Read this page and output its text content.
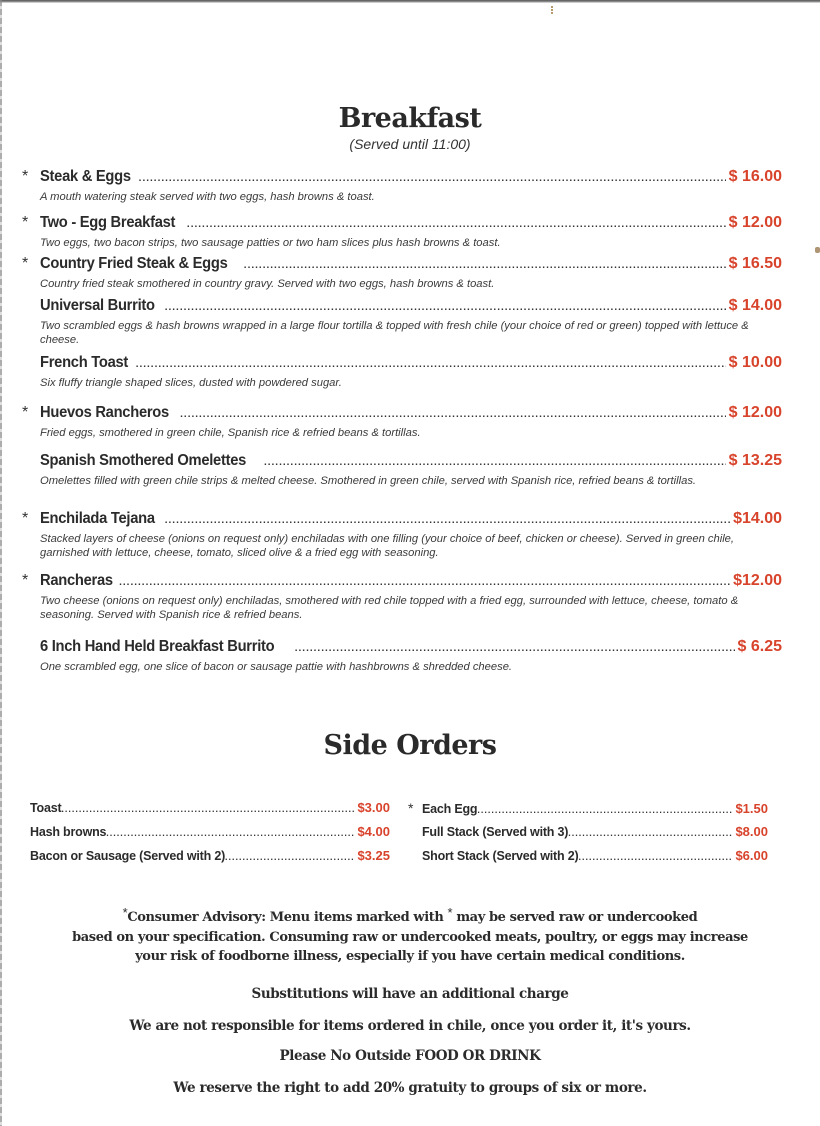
Breakfast
(Served until 11:00)
* Steak & Eggs .....	$ 16.00
A mouth watering steak served with two eggs, hash browns & toast.
* Two - Egg Breakfast .....	$ 12.00
Two eggs, two bacon strips, two sausage patties or two ham slices plus hash browns & toast.
* Country Fried Steak & Eggs .....	$ 16.50
Country fried steak smothered in country gravy. Served with two eggs, hash browns & toast.
Universal Burrito .....	$ 14.00
Two scrambled eggs & hash browns wrapped in a large flour tortilla & topped with fresh chile (your choice of red or green) topped with lettuce & cheese.
French Toast .....	$ 10.00
Six fluffy triangle shaped slices, dusted with powdered sugar.
* Huevos Rancheros .....	$ 12.00
Fried eggs, smothered in green chile, Spanish rice & refried beans & tortillas.
Spanish Smothered Omelettes .....	$ 13.25
Omelettes filled with green chile strips & melted cheese. Smothered in green chile, served with Spanish rice, refried beans & tortillas.
* Enchilada Tejana .....	$14.00
Stacked layers of cheese (onions on request only) enchiladas with one filling (your choice of beef, chicken or cheese). Served in green chile, garnished with lettuce, cheese, tomato, sliced olive & a fried egg with seasoning.
* Rancheras .....	$12.00
Two cheese (onions on request only) enchiladas, smothered with red chile topped with a fried egg, surrounded with lettuce, cheese, tomato & seasoning. Served with Spanish rice & refried beans.
6 Inch Hand Held Breakfast Burrito .....	$ 6.25
One scrambled egg, one slice of bacon or sausage pattie with hashbrowns & shredded cheese.
Side Orders
Toast .....	$3.00
Hash browns .....	$4.00
Bacon or Sausage (Served with 2) .....	$3.25
* Each Egg .....	$1.50
Full Stack (Served with 3) .....	$8.00
Short Stack (Served with 2) .....	$6.00
*Consumer Advisory: Menu items marked with * may be served raw or undercooked
based on your specification. Consuming raw or undercooked meats, poultry, or eggs may increase
your risk of foodborne illness, especially if you have certain medical conditions.
Substitutions will have an additional charge
We are not responsible for items ordered in chile, once you order it, it's yours.
Please No Outside FOOD OR DRINK
We reserve the right to add 20% gratuity to groups of six or more.
